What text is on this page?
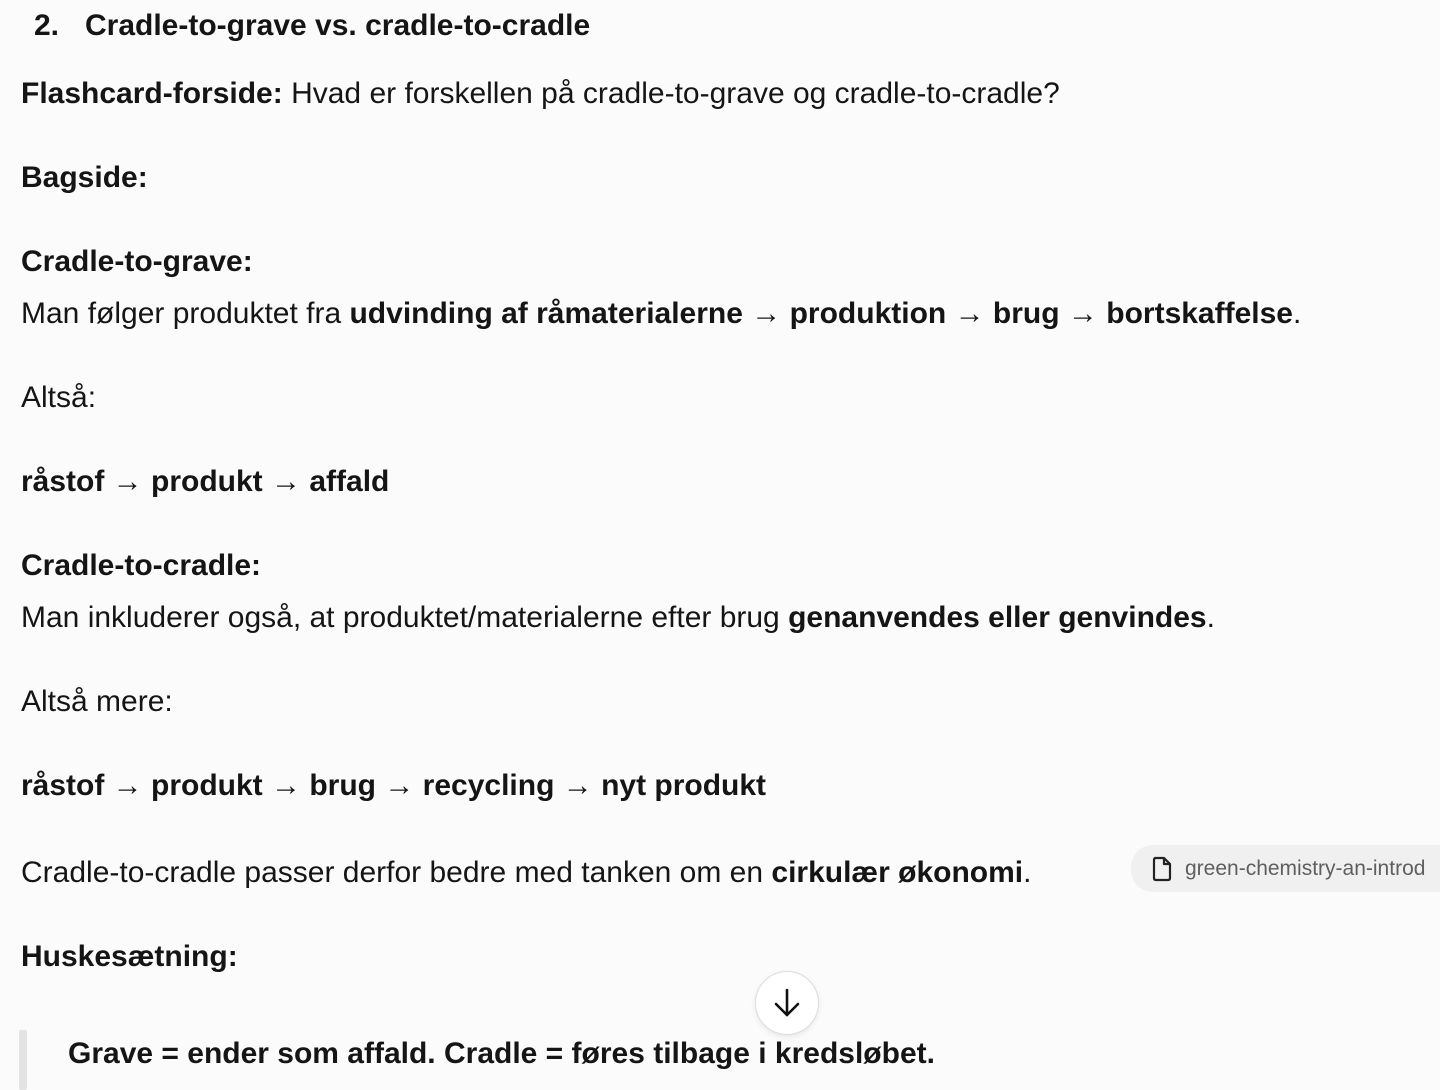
2. Cradle-to-grave vs. cradle-to-cradle
Flashcard-forside: Hvad er forskellen på cradle-to-grave og cradle-to-cradle?
Bagside:
Cradle-to-grave:
Man følger produktet fra udvinding af råmaterialerne → produktion → brug → bortskaffelse.
Altså:
råstof → produkt → affald
Cradle-to-cradle:
Man inkluderer også, at produktet/materialerne efter brug genanvendes eller genvindes.
Altså mere:
råstof → produkt → brug → recycling → nyt produkt
Cradle-to-cradle passer derfor bedre med tanken om en cirkulær økonomi.	green-chemistry-an-introd
Huskesætning:
Grave = ender som affald. Cradle = føres tilbage i kredsløbet.
